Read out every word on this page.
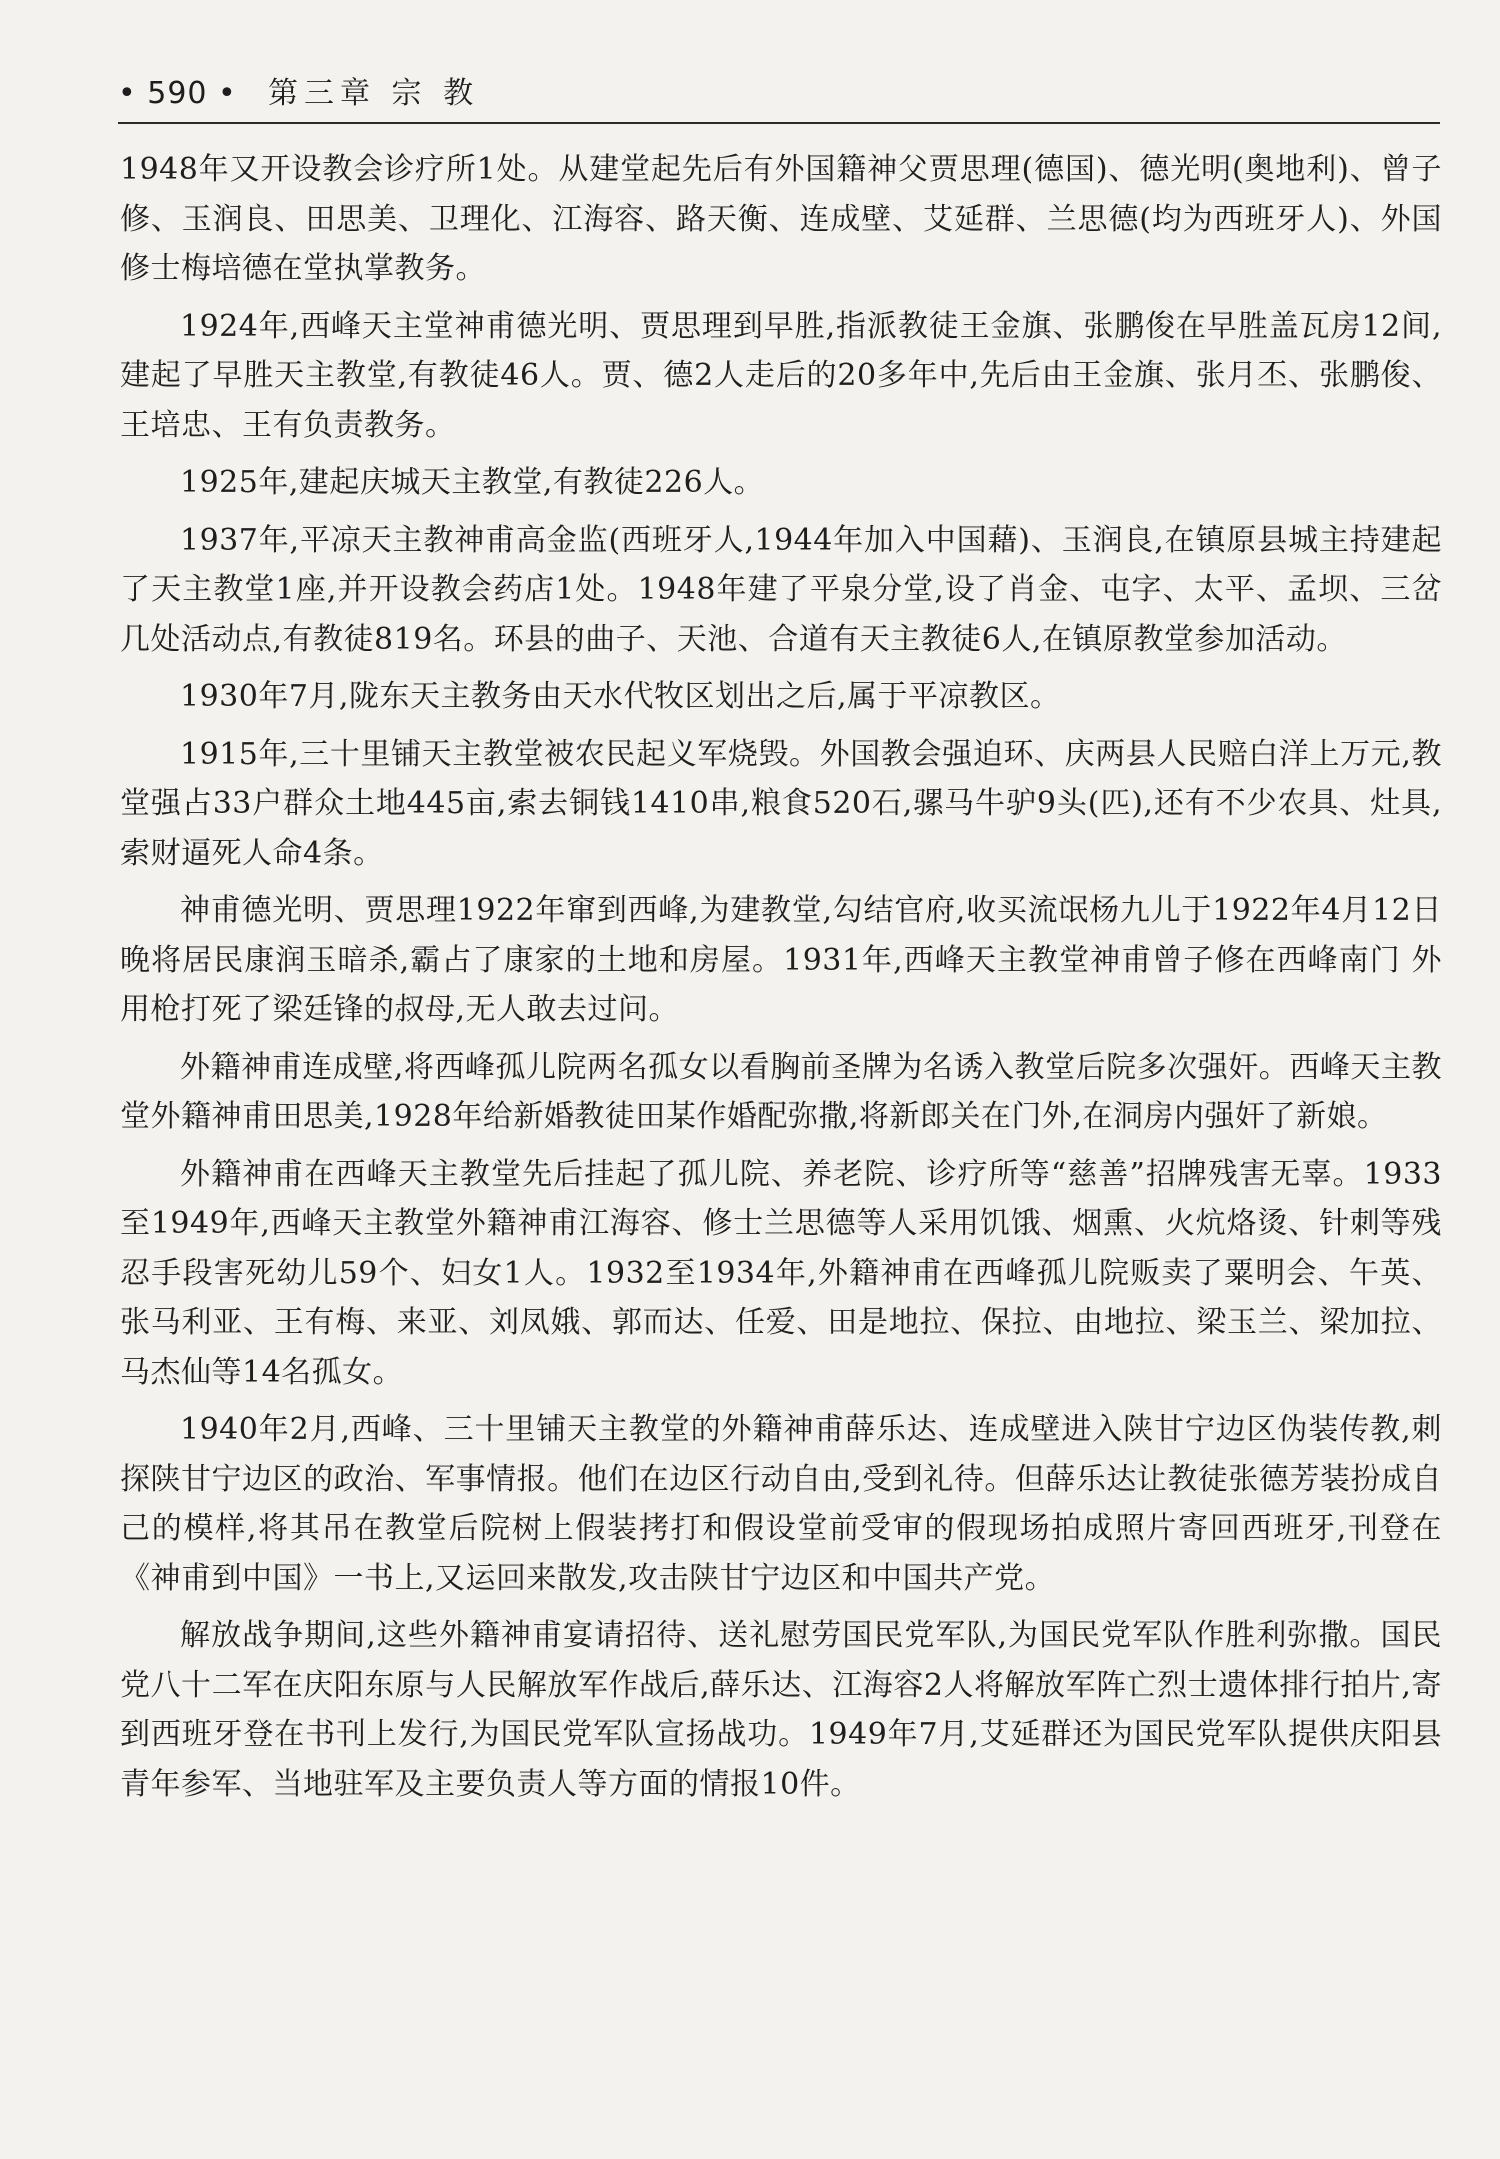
• 590 • 第三章 宗 教

1948年又开设教会诊疗所1处。从建堂起先后有外国籍神父贾思理(德国)、德光明(奥地利)、曾子修、玉润良、田思美、卫理化、江海容、路天衡、连成壁、艾延群、兰思德(均为西班牙人)、外国修士梅培德在堂执掌教务。

1924年,西峰天主堂神甫德光明、贾思理到早胜,指派教徒王金旗、张鹏俊在早胜盖瓦房12间,建起了早胜天主教堂,有教徒46人。贾、德2人走后的20多年中,先后由王金旗、张月丕、张鹏俊、王培忠、王有负责教务。

1925年,建起庆城天主教堂,有教徒226人。

1937年,平凉天主教神甫高金监(西班牙人,1944年加入中国藉)、玉润良,在镇原县城主持建起了天主教堂1座,并开设教会药店1处。1948年建了平泉分堂,设了肖金、屯字、太平、孟坝、三岔几处活动点,有教徒819名。环县的曲子、天池、合道有天主教徒6人,在镇原教堂参加活动。

1930年7月,陇东天主教务由天水代牧区划出之后,属于平凉教区。

1915年,三十里铺天主教堂被农民起义军烧毁。外国教会强迫环、庆两县人民赔白洋上万元,教堂强占33户群众土地445亩,索去铜钱1410串,粮食520石,骡马牛驴9头(匹),还有不少农具、灶具,索财逼死人命4条。

神甫德光明、贾思理1922年窜到西峰,为建教堂,勾结官府,收买流氓杨九儿于1922年4月12日晚将居民康润玉暗杀,霸占了康家的土地和房屋。1931年,西峰天主教堂神甫曾子修在西峰南门 外用枪打死了梁廷锋的叔母,无人敢去过问。

外籍神甫连成壁,将西峰孤儿院两名孤女以看胸前圣牌为名诱入教堂后院多次强奸。西峰天主教堂外籍神甫田思美,1928年给新婚教徒田某作婚配弥撒,将新郎关在门外,在洞房内强奸了新娘。

外籍神甫在西峰天主教堂先后挂起了孤儿院、养老院、诊疗所等“慈善”招牌残害无辜。1933至1949年,西峰天主教堂外籍神甫江海容、修士兰思德等人采用饥饿、烟熏、火炕烙烫、针刺等残忍手段害死幼儿59个、妇女1人。1932至1934年,外籍神甫在西峰孤儿院贩卖了粟明会、午英、张马利亚、王有梅、来亚、刘凤娥、郭而达、任爱、田是地拉、保拉、由地拉、梁玉兰、梁加拉、马杰仙等14名孤女。

1940年2月,西峰、三十里铺天主教堂的外籍神甫薛乐达、连成壁进入陕甘宁边区伪装传教,刺探陕甘宁边区的政治、军事情报。他们在边区行动自由,受到礼待。但薛乐达让教徒张德芳装扮成自己的模样,将其吊在教堂后院树上假装拷打和假设堂前受审的假现场拍成照片寄回西班牙,刊登在《神甫到中国》一书上,又运回来散发,攻击陕甘宁边区和中国共产党。

解放战争期间,这些外籍神甫宴请招待、送礼慰劳国民党军队,为国民党军队作胜利弥撒。国民党八十二军在庆阳东原与人民解放军作战后,薛乐达、江海容2人将解放军阵亡烈士遗体排行拍片,寄到西班牙登在书刊上发行,为国民党军队宣扬战功。1949年7月,艾延群还为国民党军队提供庆阳县青年参军、当地驻军及主要负责人等方面的情报10件。
